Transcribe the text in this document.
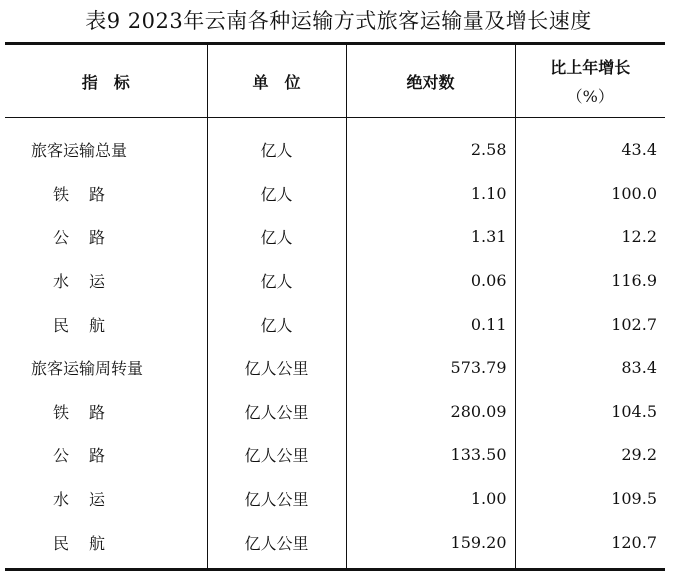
表9 2023年云南各种运输方式旅客运输量及增长速度
指　标	单　位	绝对数	比上年增长
（%）

旅客运输总量	亿人	2.58	43.4
铁路	亿人	1.10	100.0
公路	亿人	1.31	12.2
水运	亿人	0.06	116.9
民航	亿人	0.11	102.7
旅客运输周转量	亿人公里	573.79	83.4
铁路	亿人公里	280.09	104.5
公路	亿人公里	133.50	29.2
水运	亿人公里	1.00	109.5
民航	亿人公里	159.20	120.7
